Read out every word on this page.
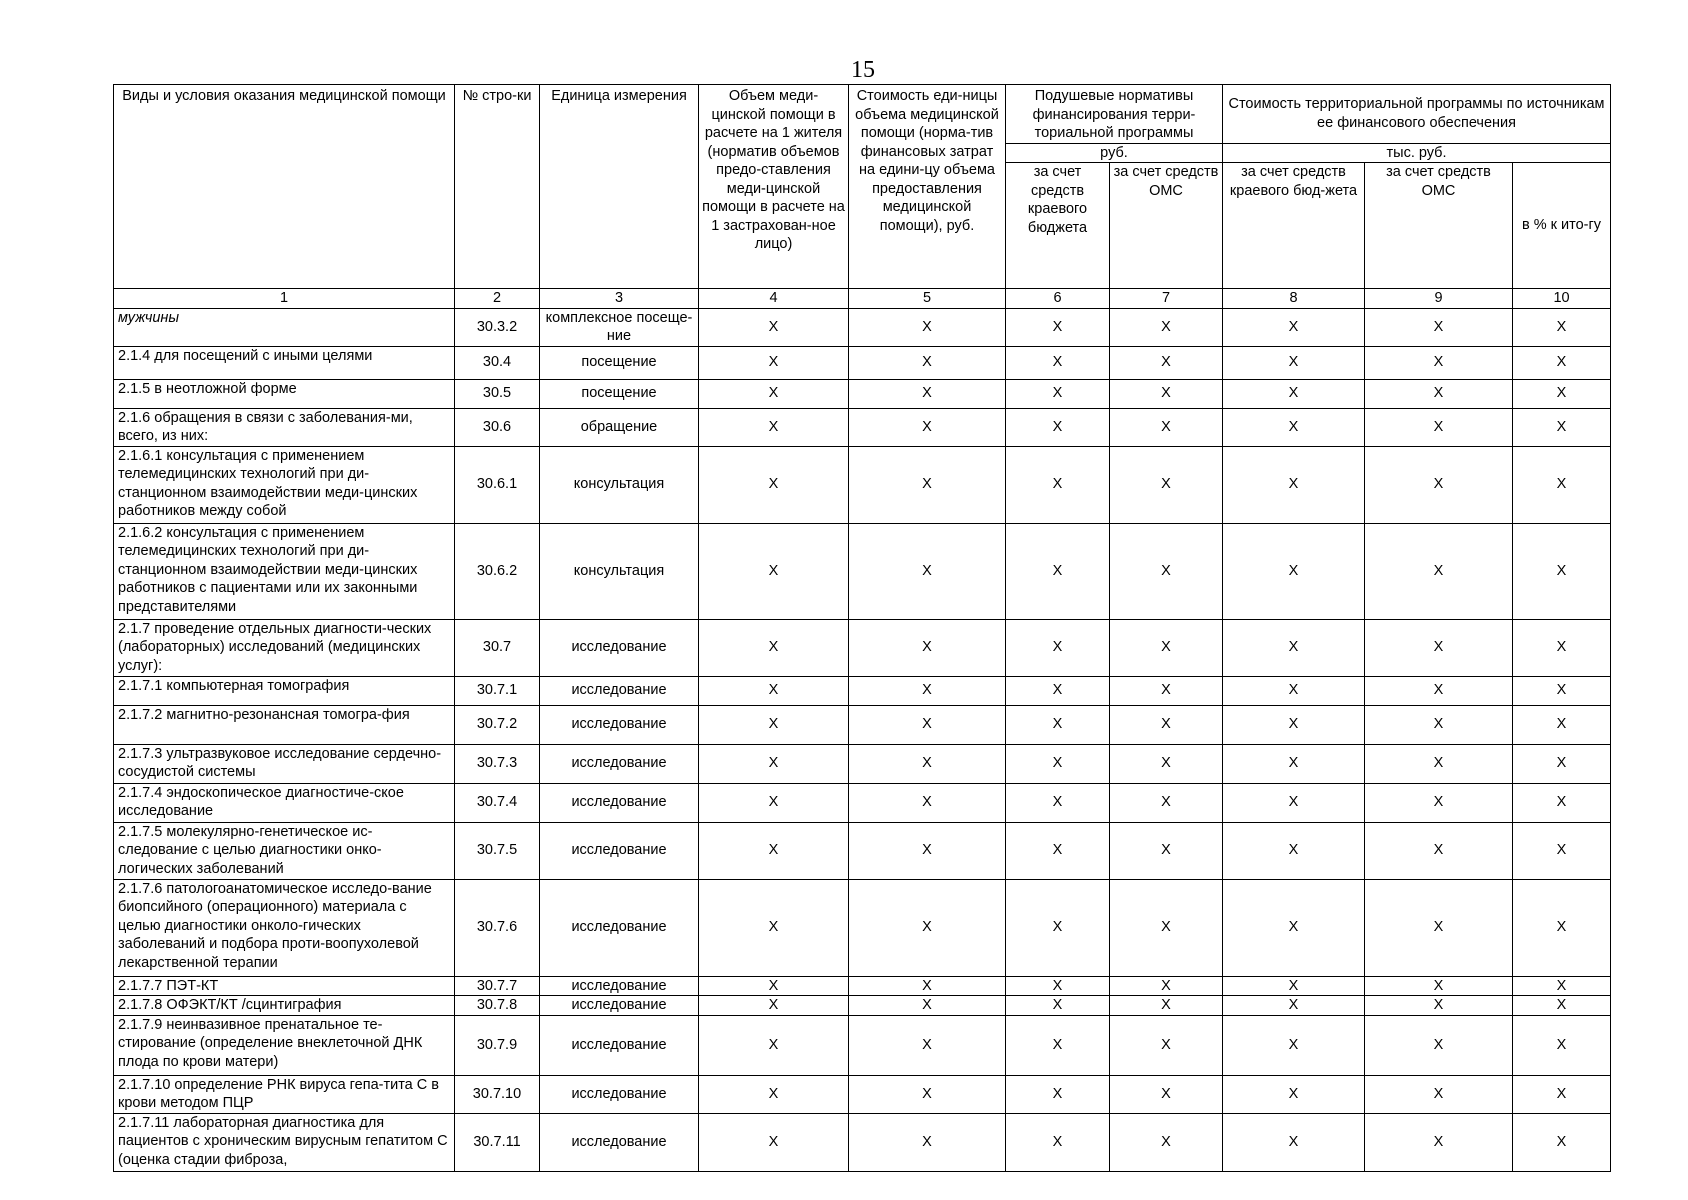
15
Виды и условия оказания медицинской помощи	№ стро-ки	Единица измерения	Объем меди-цинской помощи в расчете на 1 жителя (норматив объемов предо-ставления меди-цинской помощи в расчете на 1 застрахован-ное лицо)	Стоимость еди-ницы объема медицинской помощи (норма-тив финансовых затрат на едини-цу объема предоставления медицинской помощи), руб.	Подушевые нормативы финансирования терри-ториальной программы		Стоимость территориальной программы по источникам ее финансового обеспечения		
					руб.		тыс. руб.		
					за счет средств краевого бюджета	за счет средств ОМС	за счет средств краевого бюд-жета	за счет средств ОМС	в % к ито-гу
1	2	3	4	5	6	7	8	9	10
мужчины	30.3.2	комплексное посеще-ние	Х	Х	Х	Х	Х	Х	Х
2.1.4 для посещений с иными целями	30.4	посещение	Х	Х	Х	Х	Х	Х	Х
2.1.5 в неотложной форме	30.5	посещение	Х	Х	Х	Х	Х	Х	Х
2.1.6 обращения в связи с заболевания-ми, всего, из них:	30.6	обращение	Х	Х	Х	Х	Х	Х	Х
2.1.6.1 консультация с применением телемедицинских технологий при ди-станционном взаимодействии меди-цинских работников между собой	30.6.1	консультация	Х	Х	Х	Х	Х	Х	Х
2.1.6.2 консультация с применением телемедицинских технологий при ди-станционном взаимодействии меди-цинских работников с пациентами или их законными представителями	30.6.2	консультация	Х	Х	Х	Х	Х	Х	Х
2.1.7 проведение отдельных диагности-ческих (лабораторных) исследований (медицинских услуг):	30.7	исследование	Х	Х	Х	Х	Х	Х	Х
2.1.7.1 компьютерная томография	30.7.1	исследование	Х	Х	Х	Х	Х	Х	Х
2.1.7.2 магнитно-резонансная томогра-фия	30.7.2	исследование	Х	Х	Х	Х	Х	Х	Х
2.1.7.3 ультразвуковое исследование сердечно-сосудистой системы	30.7.3	исследование	Х	Х	Х	Х	Х	Х	Х
2.1.7.4 эндоскопическое диагностиче-ское исследование	30.7.4	исследование	Х	Х	Х	Х	Х	Х	Х
2.1.7.5 молекулярно-генетическое ис-следование с целью диагностики онко-логических заболеваний	30.7.5	исследование	Х	Х	Х	Х	Х	Х	Х
2.1.7.6 патологоанатомическое исследо-вание биопсийного (операционного) материала с целью диагностики онколо-гических заболеваний и подбора проти-воопухолевой лекарственной терапии	30.7.6	исследование	Х	Х	Х	Х	Х	Х	Х
2.1.7.7 ПЭТ-КТ	30.7.7	исследование	Х	Х	Х	Х	Х	Х	Х
2.1.7.8 ОФЭКТ/КТ /сцинтиграфия	30.7.8	исследование	Х	Х	Х	Х	Х	Х	Х
2.1.7.9 неинвазивное пренатальное те-стирование (определение внеклеточной ДНК плода по крови матери)	30.7.9	исследование	Х	Х	Х	Х	Х	Х	Х
2.1.7.10 определение РНК вируса гепа-тита С в крови методом ПЦР	30.7.10	исследование	Х	Х	Х	Х	Х	Х	Х
2.1.7.11 лабораторная диагностика для пациентов с хроническим вирусным гепатитом С (оценка стадии фиброза,	30.7.11	исследование	Х	Х	Х	Х	Х	Х	Х
